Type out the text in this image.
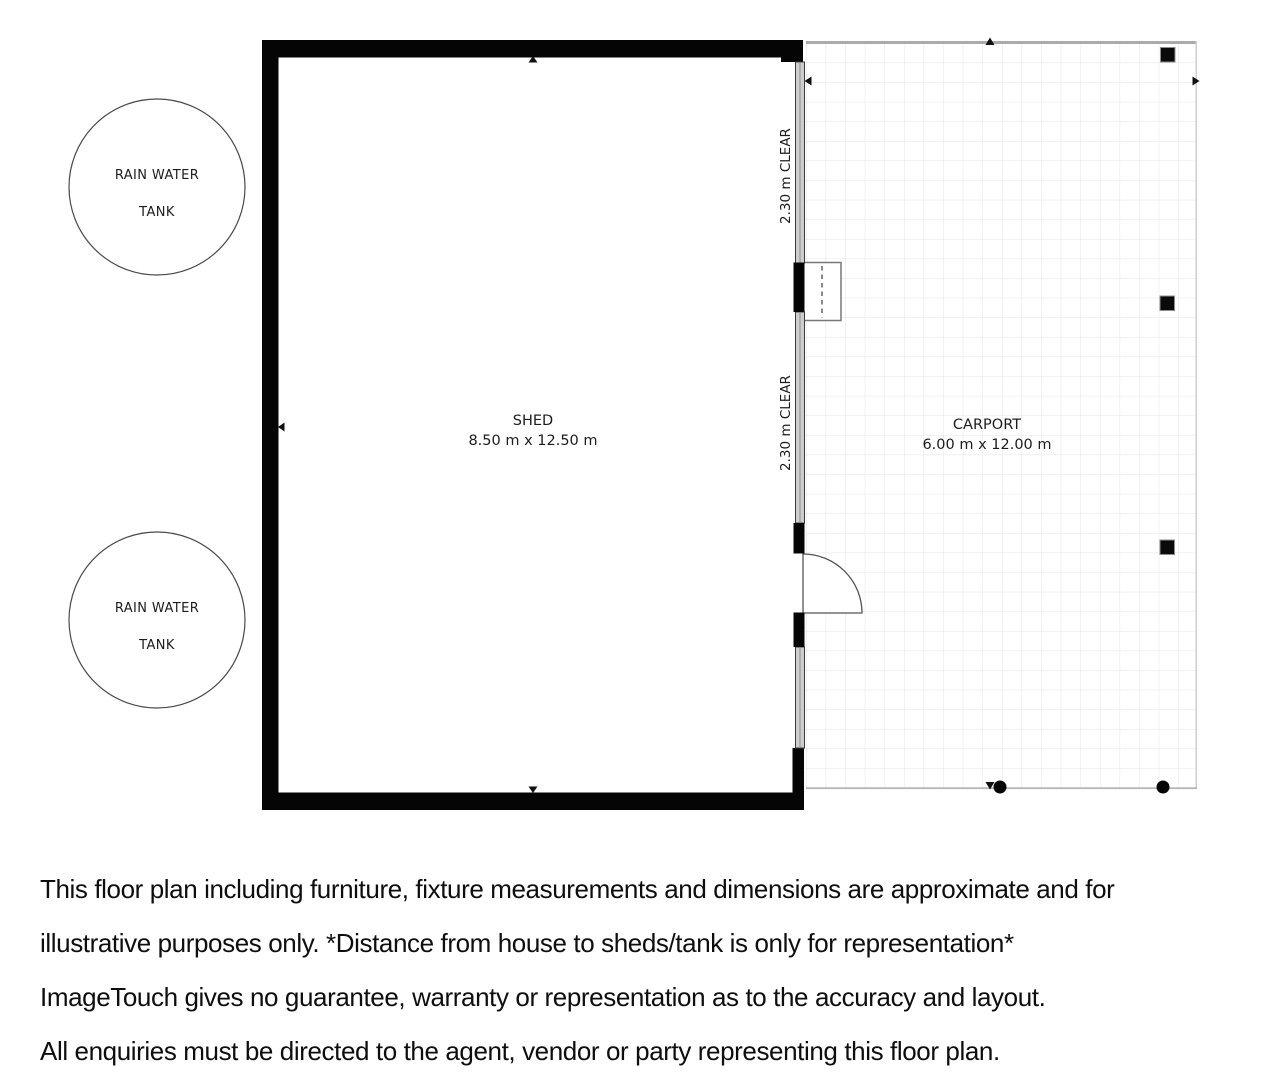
RAIN WATER
TANK
RAIN WATER
TANK
SHED
8.50 m x 12.50 m
CARPORT
6.00 m x 12.00 m
2.30 m CLEAR
2.30 m CLEAR
This floor plan including furniture, fixture measurements and dimensions are approximate and for
illustrative purposes only. *Distance from house to sheds/tank is only for representation*
ImageTouch gives no guarantee, warranty or representation as to the accuracy and layout.
All enquiries must be directed to the agent, vendor or party representing this floor plan.
